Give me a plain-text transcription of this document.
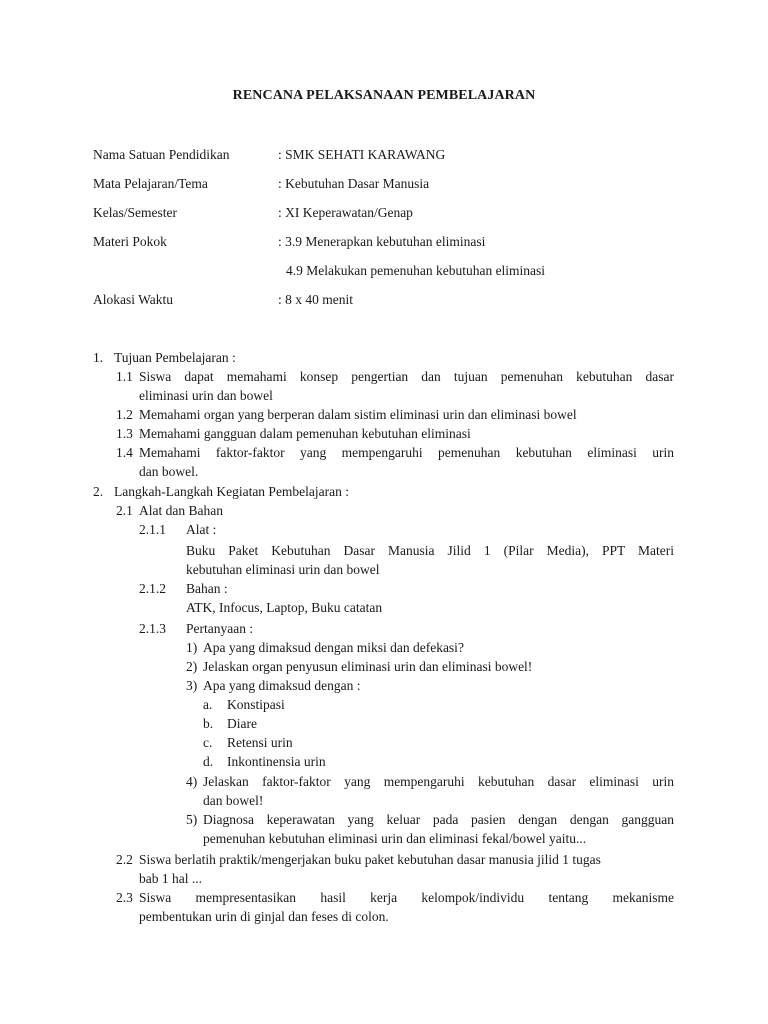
RENCANA PELAKSANAAN PEMBELAJARAN
Nama Satuan Pendidikan	: SMK SEHATI KARAWANG
Mata Pelajaran/Tema	: Kebutuhan Dasar Manusia
Kelas/Semester	: XI Keperawatan/Genap
Materi Pokok	: 3.9 Menerapkan kebutuhan eliminasi
4.9 Melakukan pemenuhan kebutuhan eliminasi
Alokasi Waktu	: 8 x 40 menit
1. Tujuan Pembelajaran :
1.1 Siswa dapat memahami konsep pengertian dan tujuan pemenuhan kebutuhan dasar
eliminasi urin dan bowel
1.2 Memahami organ yang berperan dalam sistim eliminasi urin dan eliminasi bowel
1.3 Memahami gangguan dalam pemenuhan kebutuhan eliminasi
1.4 Memahami faktor-faktor yang mempengaruhi pemenuhan kebutuhan eliminasi urin
dan bowel.
2. Langkah-Langkah Kegiatan Pembelajaran :
2.1 Alat dan Bahan
2.1.1 Alat :
Buku Paket Kebutuhan Dasar Manusia Jilid 1 (Pilar Media), PPT Materi
kebutuhan eliminasi urin dan bowel
2.1.2 Bahan :
ATK, Infocus, Laptop, Buku catatan
2.1.3 Pertanyaan :
1) Apa yang dimaksud dengan miksi dan defekasi?
2) Jelaskan organ penyusun eliminasi urin dan eliminasi bowel!
3) Apa yang dimaksud dengan :
a. Konstipasi
b. Diare
c. Retensi urin
d. Inkontinensia urin
4) Jelaskan faktor-faktor yang mempengaruhi kebutuhan dasar eliminasi urin
dan bowel!
5) Diagnosa keperawatan yang keluar pada pasien dengan dengan gangguan
pemenuhan kebutuhan eliminasi urin dan eliminasi fekal/bowel yaitu...
2.2 Siswa berlatih praktik/mengerjakan buku paket kebutuhan dasar manusia jilid 1 tugas
bab 1 hal ...
2.3 Siswa mempresentasikan hasil kerja kelompok/individu tentang mekanisme
pembentukan urin di ginjal dan feses di colon.
